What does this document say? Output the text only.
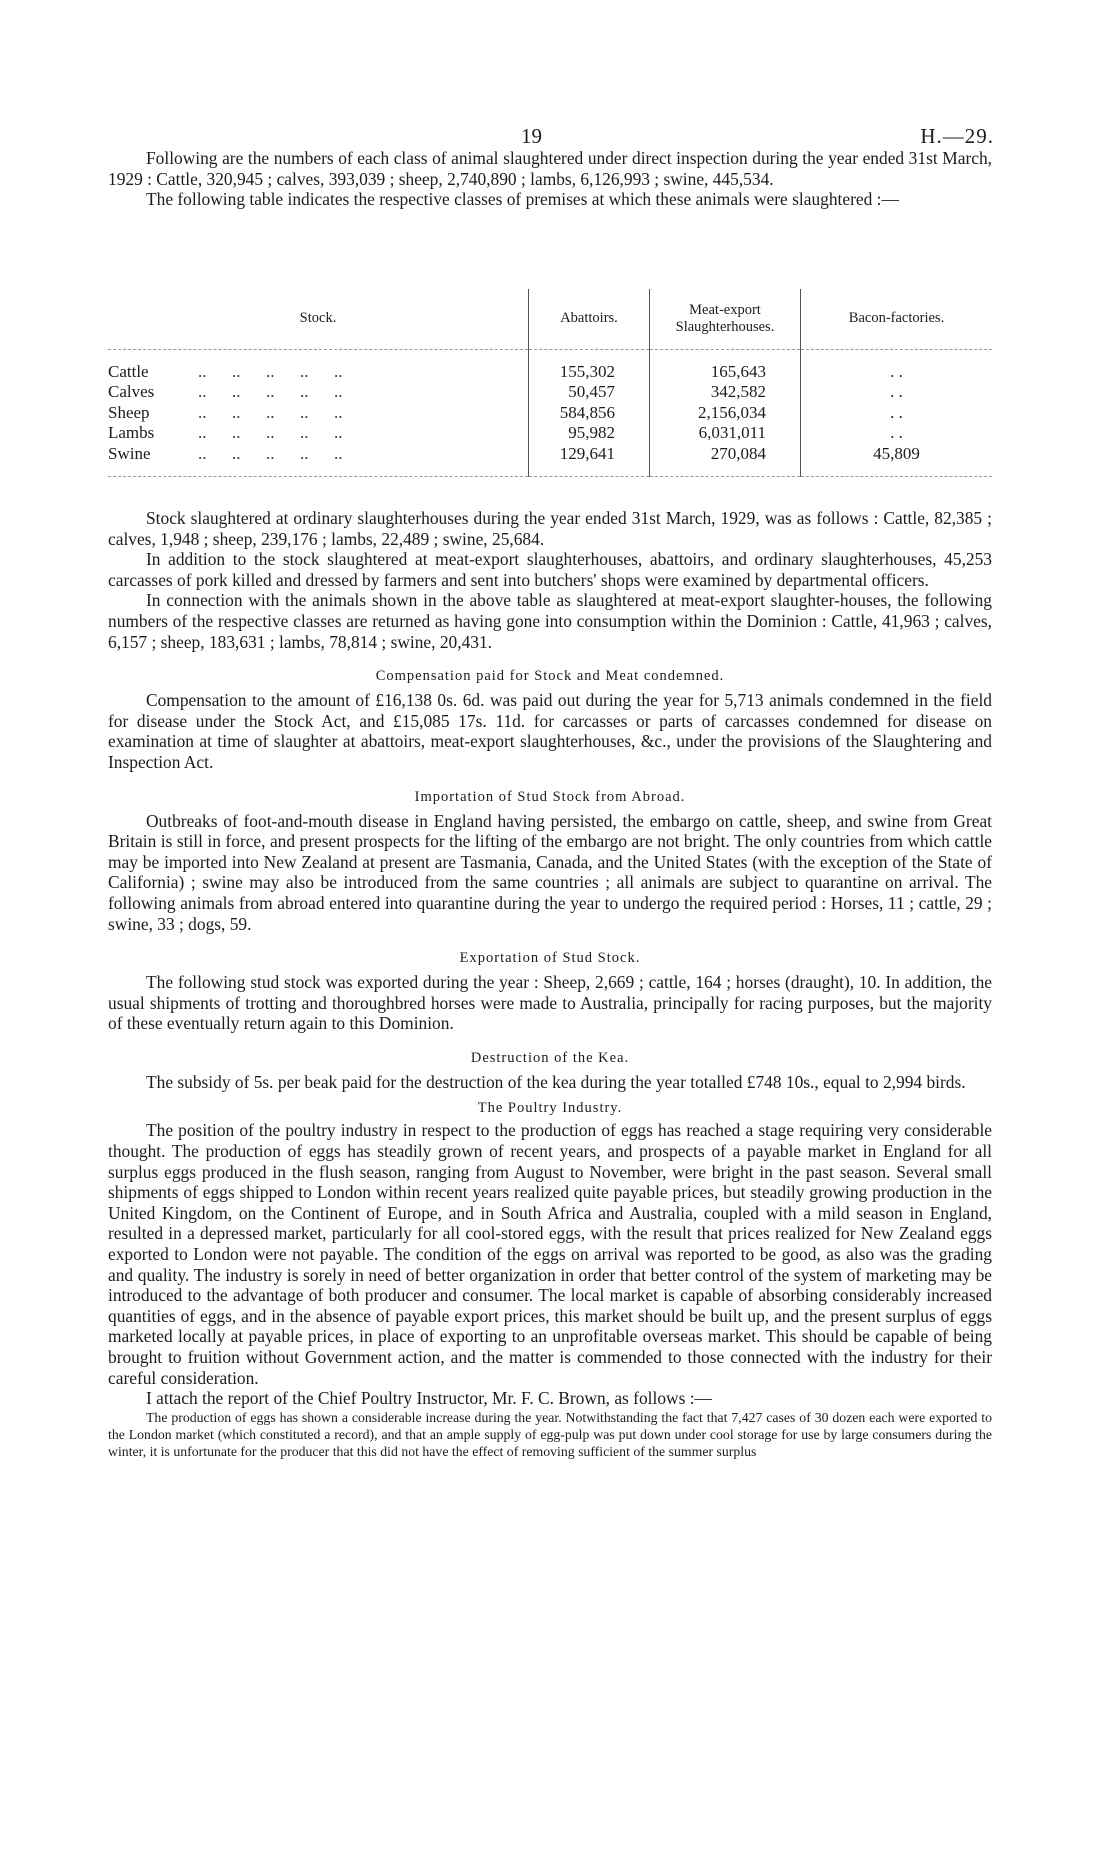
19	H.—29.

Following are the numbers of each class of animal slaughtered under direct inspection during the year ended 31st March, 1929 : Cattle, 320,945 ; calves, 393,039 ; sheep, 2,740,890 ; lambs, 6,126,993 ; swine, 445,534.

The following table indicates the respective classes of premises at which these animals were slaughtered :—

Stock.	Abattoirs.	Meat-export Slaughterhouses.	Bacon-factories.

Cattle ..      ..      ..      ..      ..	155,302	165,643	. .
Calves ..      ..      ..      ..      ..	50,457	342,582	. .
Sheep ..      ..      ..      ..      ..	584,856	2,156,034	. .
Lambs ..      ..      ..      ..      ..	95,982	6,031,011	. .
Swine ..      ..      ..      ..      ..	129,641	270,084	45,809

Stock slaughtered at ordinary slaughterhouses during the year ended 31st March, 1929, was as follows : Cattle, 82,385 ; calves, 1,948 ; sheep, 239,176 ; lambs, 22,489 ; swine, 25,684.

In addition to the stock slaughtered at meat-export slaughterhouses, abattoirs, and ordinary slaughterhouses, 45,253 carcasses of pork killed and dressed by farmers and sent into butchers' shops were examined by departmental officers.

In connection with the animals shown in the above table as slaughtered at meat-export slaughter-houses, the following numbers of the respective classes are returned as having gone into consumption within the Dominion : Cattle, 41,963 ; calves, 6,157 ; sheep, 183,631 ; lambs, 78,814 ; swine, 20,431.

Compensation paid for Stock and Meat condemned.

Compensation to the amount of £16,138 0s. 6d. was paid out during the year for 5,713 animals condemned in the field for disease under the Stock Act, and £15,085 17s. 11d. for carcasses or parts of carcasses condemned for disease on examination at time of slaughter at abattoirs, meat-export slaughterhouses, &c., under the provisions of the Slaughtering and Inspection Act.

Importation of Stud Stock from Abroad.

Outbreaks of foot-and-mouth disease in England having persisted, the embargo on cattle, sheep, and swine from Great Britain is still in force, and present prospects for the lifting of the embargo are not bright. The only countries from which cattle may be imported into New Zealand at present are Tasmania, Canada, and the United States (with the exception of the State of California) ; swine may also be introduced from the same countries ; all animals are subject to quarantine on arrival. The following animals from abroad entered into quarantine during the year to undergo the required period : Horses, 11 ; cattle, 29 ; swine, 33 ; dogs, 59.

Exportation of Stud Stock.

The following stud stock was exported during the year : Sheep, 2,669 ; cattle, 164 ; horses (draught), 10. In addition, the usual shipments of trotting and thoroughbred horses were made to Australia, principally for racing purposes, but the majority of these eventually return again to this Dominion.

Destruction of the Kea.

The subsidy of 5s. per beak paid for the destruction of the kea during the year totalled £748 10s., equal to 2,994 birds.

The Poultry Industry.

The position of the poultry industry in respect to the production of eggs has reached a stage requiring very considerable thought. The production of eggs has steadily grown of recent years, and prospects of a payable market in England for all surplus eggs produced in the flush season, ranging from August to November, were bright in the past season. Several small shipments of eggs shipped to London within recent years realized quite payable prices, but steadily growing production in the United Kingdom, on the Continent of Europe, and in South Africa and Australia, coupled with a mild season in England, resulted in a depressed market, particularly for all cool-stored eggs, with the result that prices realized for New Zealand eggs exported to London were not payable. The condition of the eggs on arrival was reported to be good, as also was the grading and quality. The industry is sorely in need of better organization in order that better control of the system of marketing may be introduced to the advantage of both producer and consumer. The local market is capable of absorbing considerably increased quantities of eggs, and in the absence of payable export prices, this market should be built up, and the present surplus of eggs marketed locally at payable prices, in place of exporting to an unprofitable overseas market. This should be capable of being brought to fruition without Government action, and the matter is commended to those connected with the industry for their careful consideration.

I attach the report of the Chief Poultry Instructor, Mr. F. C. Brown, as follows :—

The production of eggs has shown a considerable increase during the year. Notwithstanding the fact that 7,427 cases of 30 dozen each were exported to the London market (which constituted a record), and that an ample supply of egg-pulp was put down under cool storage for use by large consumers during the winter, it is unfortunate for the producer that this did not have the effect of removing sufficient of the summer surplus
